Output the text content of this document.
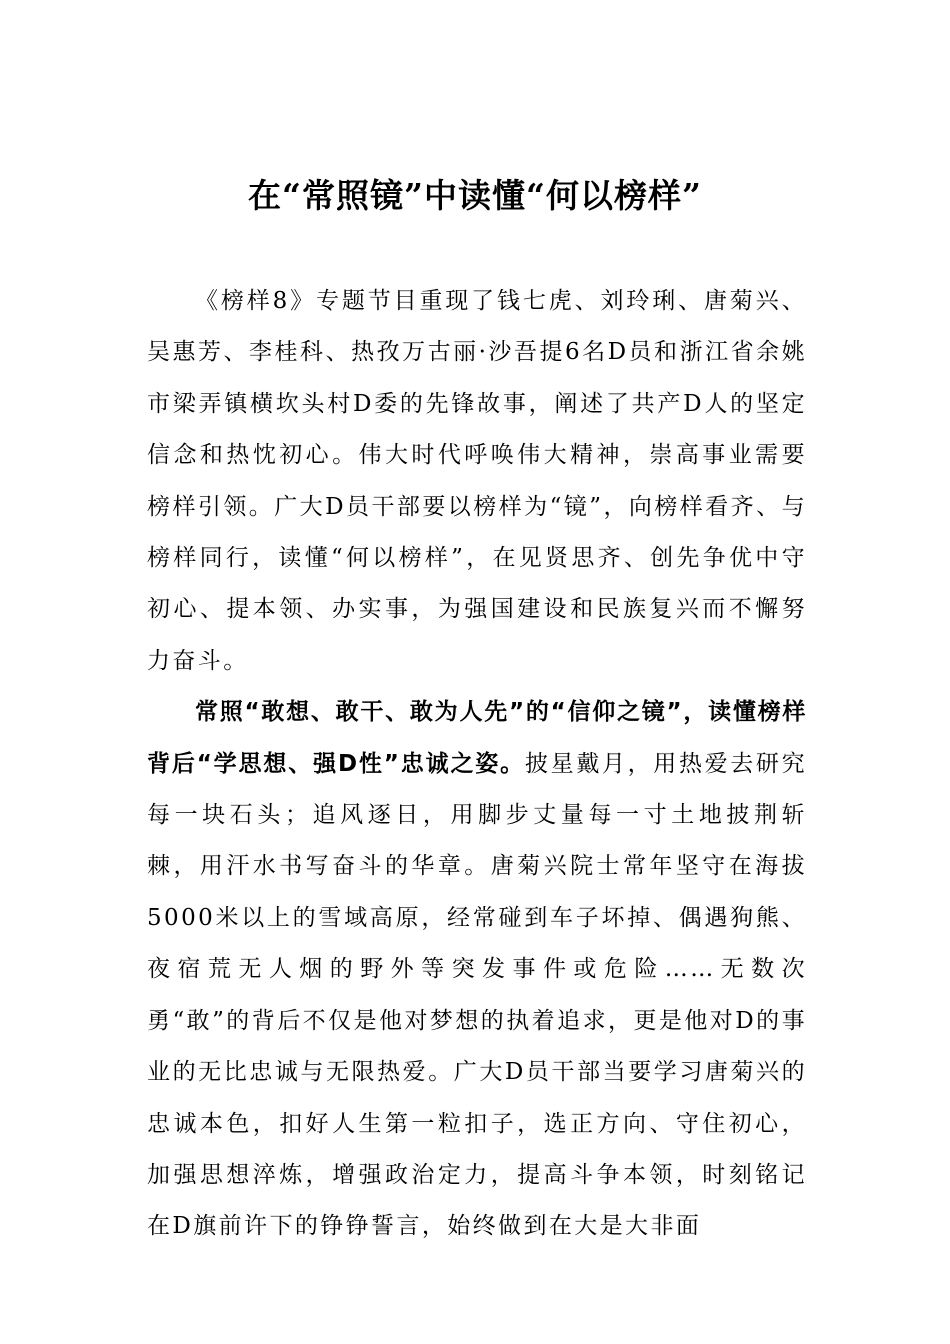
在“常照镜”中读懂“何以榜样”

《榜样8》专题节目重现了钱七虎、刘玲琍、唐菊兴、吴惠芳、李桂科、热孜万古丽·沙吾提6名D员和浙江省余姚市梁弄镇横坎头村D委的先锋故事，阐述了共产D人的坚定信念和热忱初心。伟大时代呼唤伟大精神，崇高事业需要榜样引领。广大D员干部要以榜样为“镜”，向榜样看齐、与榜样同行，读懂“何以榜样”，在见贤思齐、创先争优中守初心、提本领、办实事，为强国建设和民族复兴而不懈努力奋斗。

常照“敢想、敢干、敢为人先”的“信仰之镜”，读懂榜样背后“学思想、强D性”忠诚之姿。披星戴月，用热爱去研究每一块石头；追风逐日，用脚步丈量每一寸土地披荆斩棘，用汗水书写奋斗的华章。唐菊兴院士常年坚守在海拔5000米以上的雪域高原，经常碰到车子坏掉、偶遇狗熊、夜宿荒无人烟的野外等突发事件或危险……无数次勇“敢”的背后不仅是他对梦想的执着追求，更是他对D的事业的无比忠诚与无限热爱。广大D员干部当要学习唐菊兴的忠诚本色，扣好人生第一粒扣子，选正方向、守住初心，加强思想淬炼，增强政治定力，提高斗争本领，时刻铭记在D旗前许下的铮铮誓言，始终做到在大是大非面
